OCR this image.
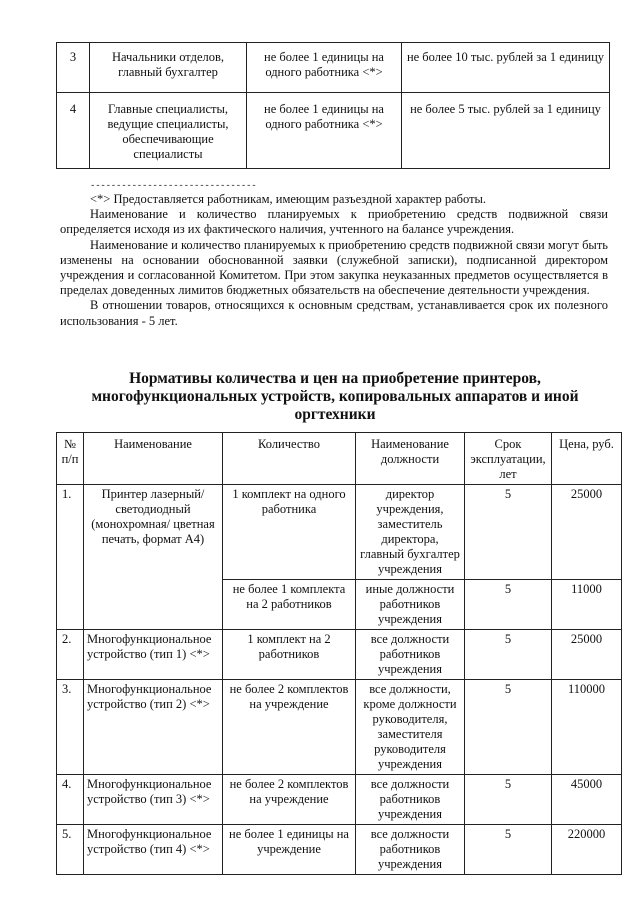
3	Начальники отделов, главный бухгалтер	не более 1 единицы на одного работника <*>	не более 10 тыс. рублей за 1 единицу
4	Главные специалисты, ведущие специалисты, обеспечивающие специалисты	не более 1 единицы на одного работника <*>	не более 5 тыс. рублей за 1 единицу
--------------------------------

<*> Предоставляется работникам, имеющим разъездной характер работы.

Наименование и количество планируемых к приобретению средств подвижной связи определяется исходя из их фактического наличия, учтенного на балансе учреждения.

Наименование и количество планируемых к приобретению средств подвижной связи могут быть изменены на основании обоснованной заявки (служебной записки), подписанной директором учреждения и согласованной Комитетом. При этом закупка неуказанных предметов осуществляется в пределах доведенных лимитов бюджетных обязательств на обеспечение деятельности учреждения.

В отношении товаров, относящихся к основным средствам, устанавливается срок их полезного использования - 5 лет.

Нормативы количества и цен на приобретение принтеров, многофункциональных устройств, копировальных аппаратов и иной оргтехники
№ п/п	Наименование	Количество	Наименование должности	Срок эксплуатации, лет	Цена, руб.
1.	Принтер лазерный/ светодиодный (монохромная/ цветная печать, формат А4)	1 комплект на одного работника	директор учреждения, заместитель директора, главный бухгалтер учреждения	5	25000
		не более 1 комплекта на 2 работников	иные должности работников учреждения	5	11000
2.	Многофункциональное устройство (тип 1) <*>	1 комплект на 2 работников	все должности работников учреждения	5	25000
3.	Многофункциональное устройство (тип 2) <*>	не более 2 комплектов на учреждение	все должности, кроме должности руководителя, заместителя руководителя учреждения	5	110000
4.	Многофункциональное устройство (тип 3) <*>	не более 2 комплектов на учреждение	все должности работников учреждения	5	45000
5.	Многофункциональное устройство (тип 4) <*>	не более 1 единицы на учреждение	все должности работников учреждения	5	220000
